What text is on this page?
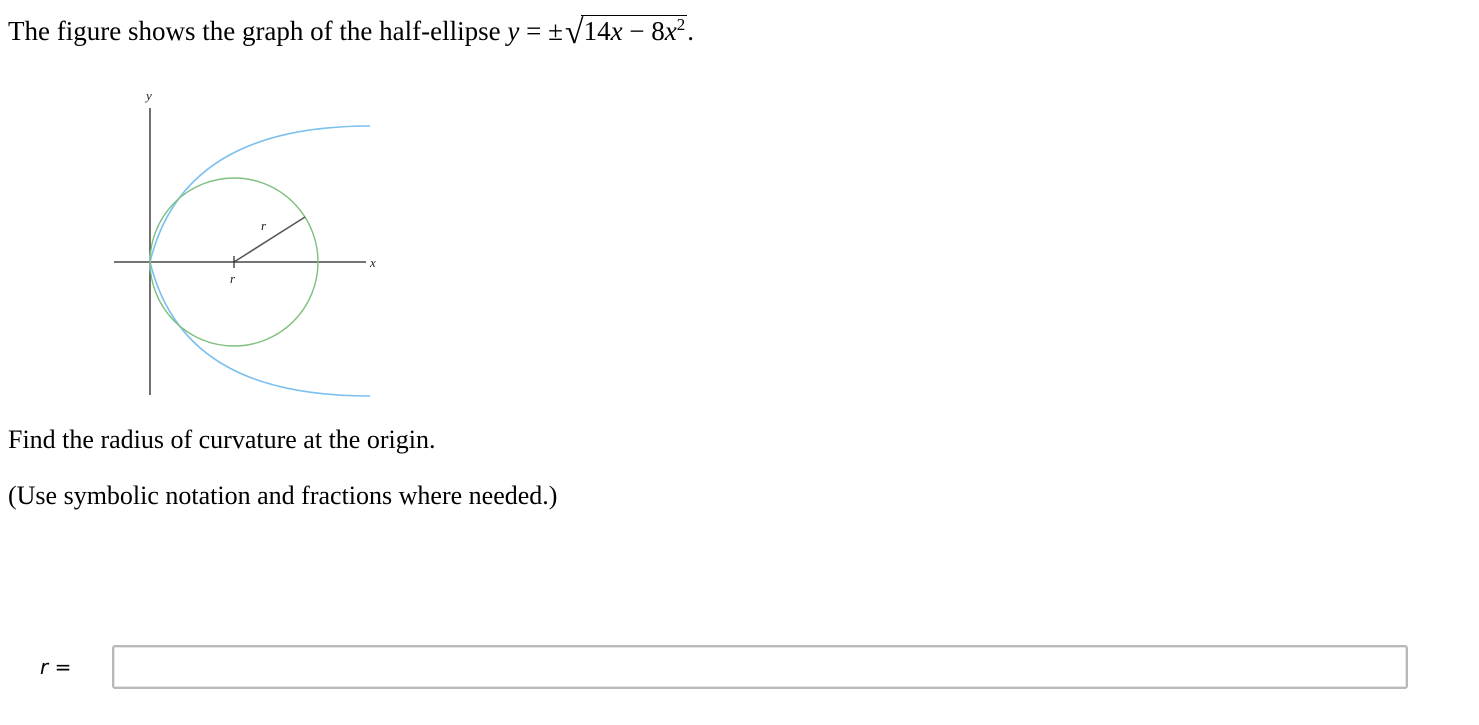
The figure shows the graph of the half-ellipse $y = \pm√14x - 8x^2$.
y
x
r
r
Find the radius of curvature at the origin.
(Use symbolic notation and fractions where needed.)
r =
